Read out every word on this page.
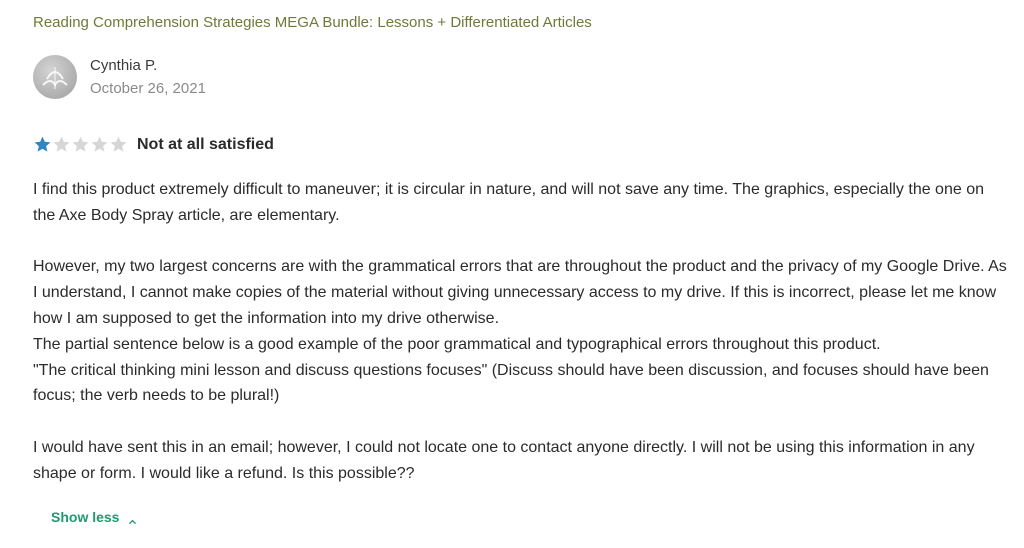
Reading Comprehension Strategies MEGA Bundle: Lessons + Differentiated Articles
Cynthia P.
October 26, 2021
Not at all satisfied

I find this product extremely difficult to maneuver; it is circular in nature, and will not save any time. The graphics, especially the one on the Axe Body Spray article, are elementary.

However, my two largest concerns are with the grammatical errors that are throughout the product and the privacy of my Google Drive. As I understand, I cannot make copies of the material without giving unnecessary access to my drive. If this is incorrect, please let me know how I am supposed to get the information into my drive otherwise.

The partial sentence below is a good example of the poor grammatical and typographical errors throughout this product.

"The critical thinking mini lesson and discuss questions focuses" (Discuss should have been discussion, and focuses should have been focus; the verb needs to be plural!)

I would have sent this in an email; however, I could not locate one to contact anyone directly. I will not be using this information in any shape or form. I would like a refund. Is this possible??

Show less
